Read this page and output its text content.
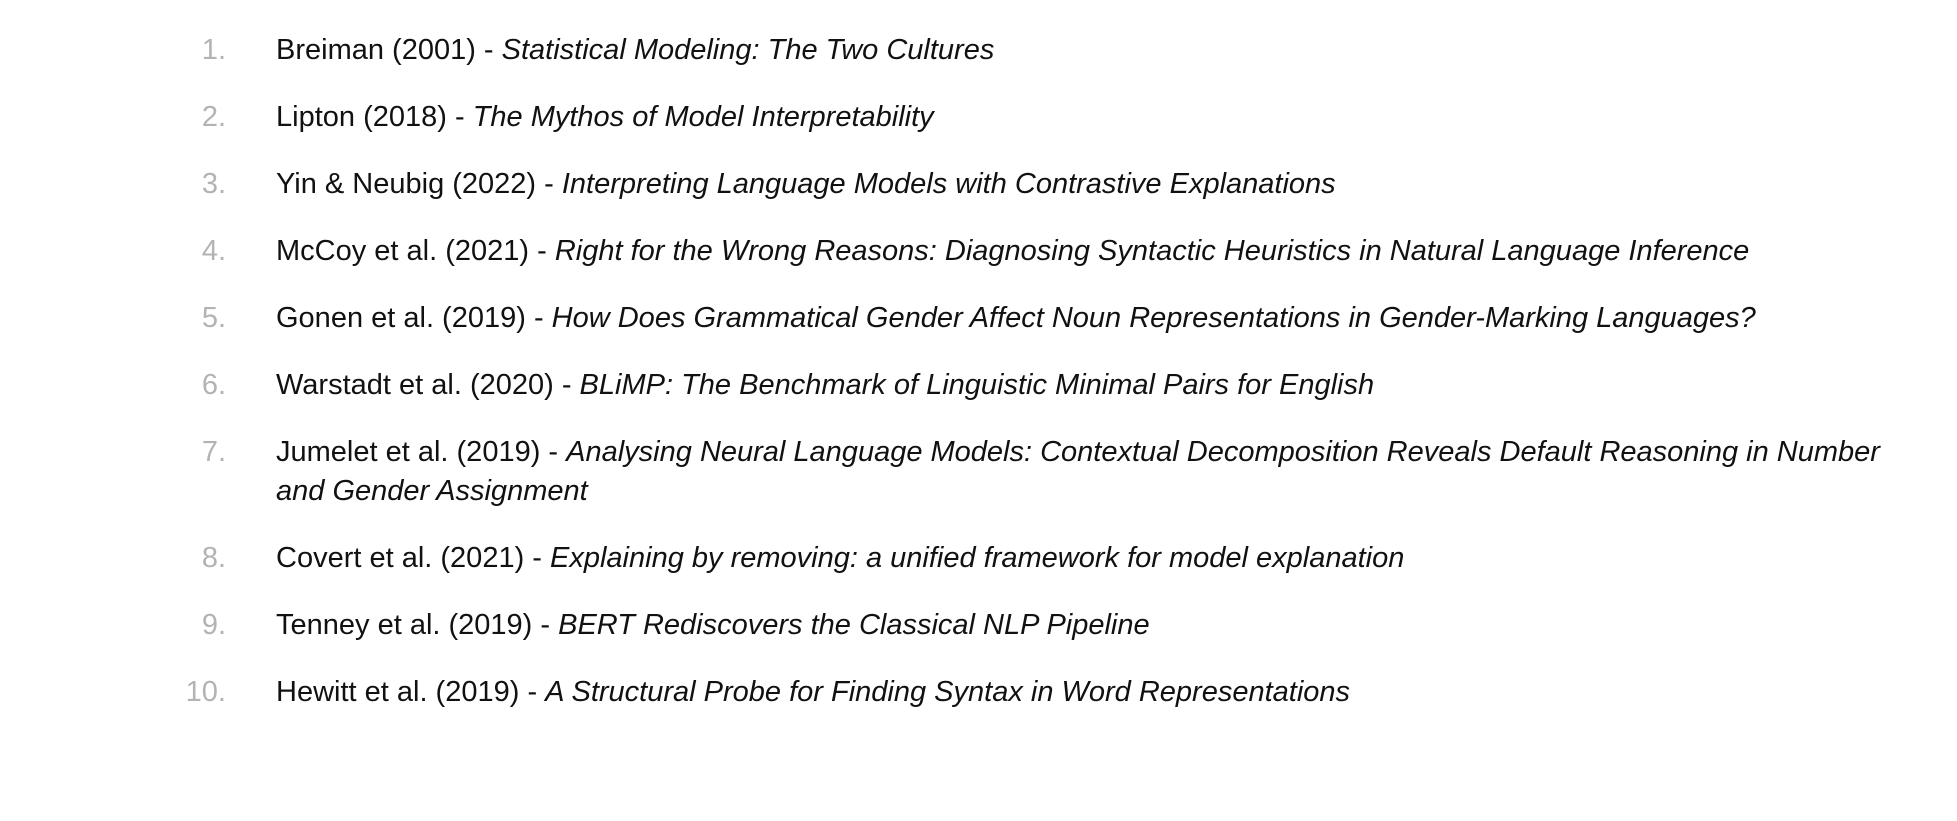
1. Breiman (2001) - Statistical Modeling: The Two Cultures
2. Lipton (2018) - The Mythos of Model Interpretability
3. Yin & Neubig (2022) - Interpreting Language Models with Contrastive Explanations
4. McCoy et al. (2021) - Right for the Wrong Reasons: Diagnosing Syntactic Heuristics in Natural Language Inference
5. Gonen et al. (2019) - How Does Grammatical Gender Affect Noun Representations in Gender-Marking Languages?
6. Warstadt et al. (2020) - BLiMP: The Benchmark of Linguistic Minimal Pairs for English
7. Jumelet et al. (2019) - Analysing Neural Language Models: Contextual Decomposition Reveals Default Reasoning in Number and Gender Assignment
8. Covert et al. (2021) - Explaining by removing: a unified framework for model explanation
9. Tenney et al. (2019) - BERT Rediscovers the Classical NLP Pipeline
10. Hewitt et al. (2019) - A Structural Probe for Finding Syntax in Word Representations
